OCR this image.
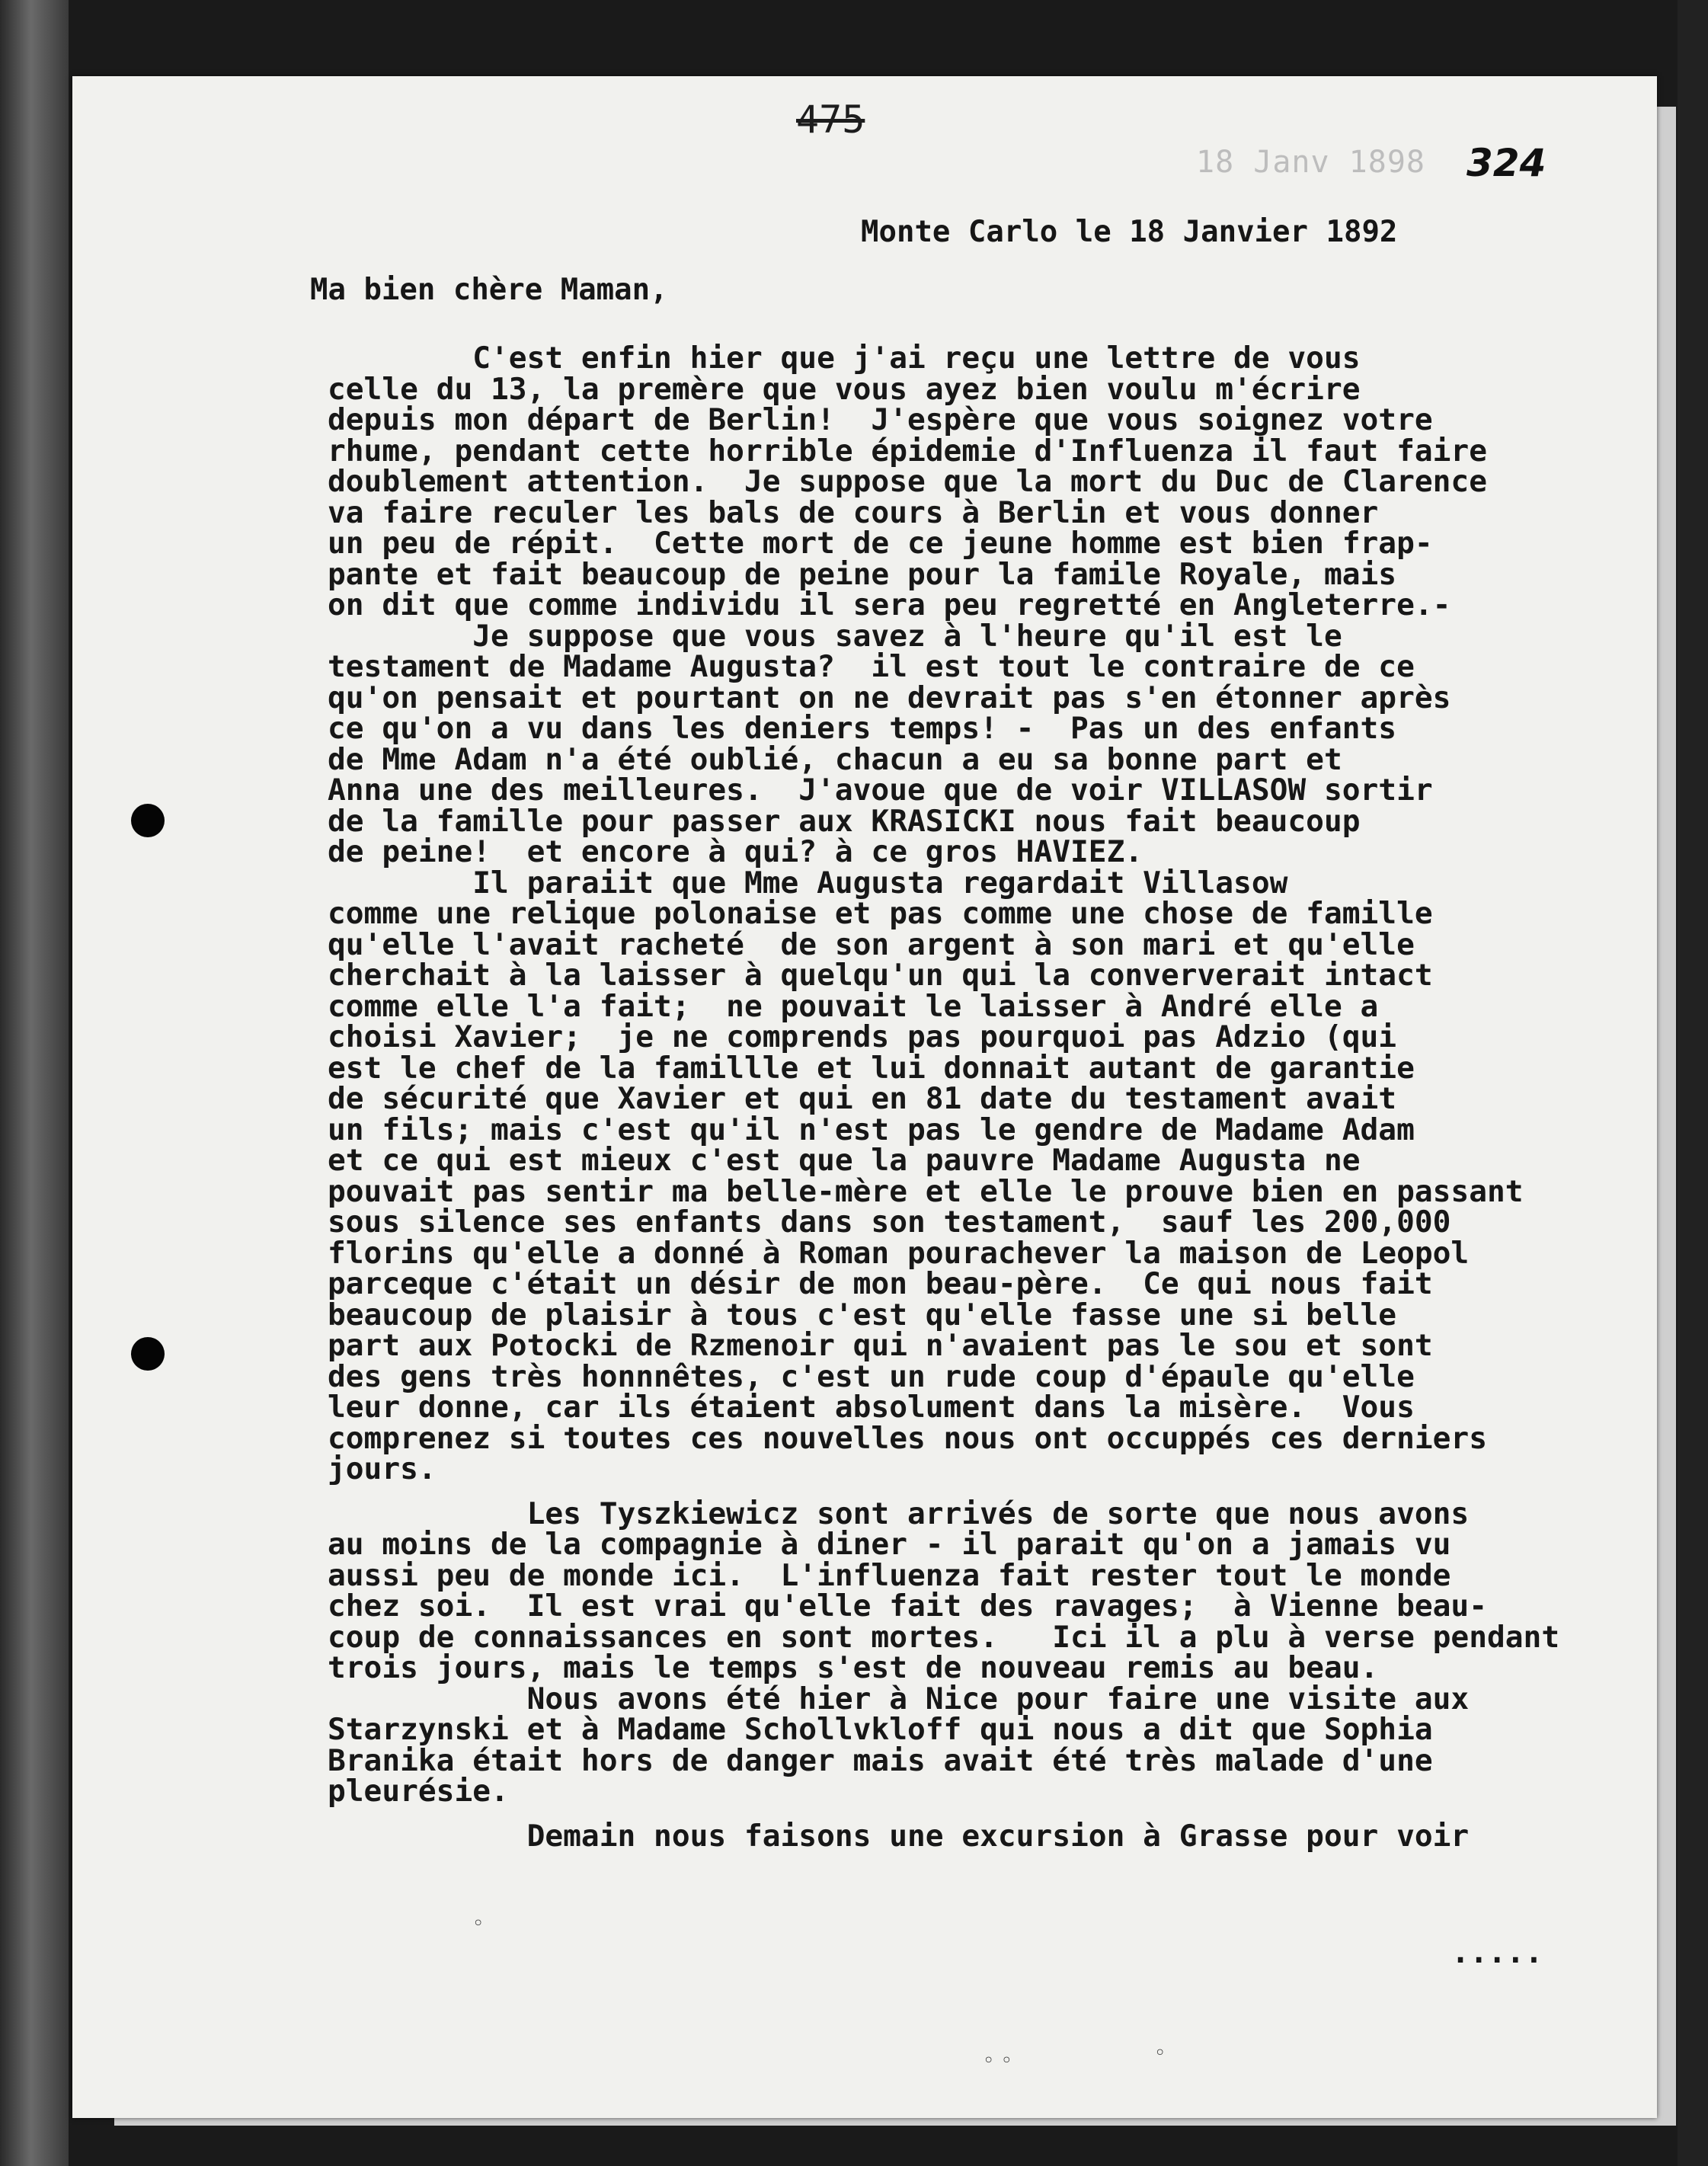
18 Janv 1898
475
324
Monte Carlo le 18 Janvier 1892
Ma bien chère Maman,

C'est enfin hier que j'ai reçu une lettre de vous

celle du 13, la premère que vous ayez bien voulu m'écrire

depuis mon départ de Berlin!  J'espère que vous soignez votre

rhume, pendant cette horrible épidemie d'Influenza il faut faire

doublement attention.  Je suppose que la mort du Duc de Clarence

va faire reculer les bals de cours à Berlin et vous donner

un peu de répit.  Cette mort de ce jeune homme est bien frap-

pante et fait beaucoup de peine pour la famile Royale, mais

on dit que comme individu il sera peu regretté en Angleterre.-

Je suppose que vous savez à l'heure qu'il est le

testament de Madame Augusta?  il est tout le contraire de ce

qu'on pensait et pourtant on ne devrait pas s'en étonner après

ce qu'on a vu dans les deniers temps! -  Pas un des enfants

de Mme Adam n'a été oublié, chacun a eu sa bonne part et

Anna une des meilleures.  J'avoue que de voir VILLASOW sortir

de la famille pour passer aux KRASICKI nous fait beaucoup

de peine!  et encore à qui? à ce gros HAVIEZ.

Il paraiit que Mme Augusta regardait Villasow

comme une relique polonaise et pas comme une chose de famille

qu'elle l'avait racheté  de son argent à son mari et qu'elle

cherchait à la laisser à quelqu'un qui la conververait intact

comme elle l'a fait;  ne pouvait le laisser à André elle a

choisi Xavier;  je ne comprends pas pourquoi pas Adzio (qui

est le chef de la famillle et lui donnait autant de garantie

de sécurité que Xavier et qui en 81 date du testament avait

un fils; mais c'est qu'il n'est pas le gendre de Madame Adam

et ce qui est mieux c'est que la pauvre Madame Augusta ne

pouvait pas sentir ma belle-mère et elle le prouve bien en passant

sous silence ses enfants dans son testament,  sauf les 200,000

florins qu'elle a donné à Roman pourachever la maison de Leopol

parceque c'était un désir de mon beau-père.  Ce qui nous fait

beaucoup de plaisir à tous c'est qu'elle fasse une si belle

part aux Potocki de Rzmenoir qui n'avaient pas le sou et sont

des gens très honnnêtes, c'est un rude coup d'épaule qu'elle

leur donne, car ils étaient absolument dans la misère.  Vous

comprenez si toutes ces nouvelles nous ont occuppés ces derniers

jours.

Les Tyszkiewicz sont arrivés de sorte que nous avons

au moins de la compagnie à diner - il parait qu'on a jamais vu

aussi peu de monde ici.  L'influenza fait rester tout le monde

chez soi.  Il est vrai qu'elle fait des ravages;  à Vienne beau-

coup de connaissances en sont mortes.   Ici il a plu à verse pendant

trois jours, mais le temps s'est de nouveau remis au beau.

Nous avons été hier à Nice pour faire une visite aux

Starzynski et à Madame Schollvkloff qui nous a dit que Sophia

Branika était hors de danger mais avait été très malade d'une

pleurésie.

Demain nous faisons une excursion à Grasse pour voir

.....
◦
◦ ◦	◦
